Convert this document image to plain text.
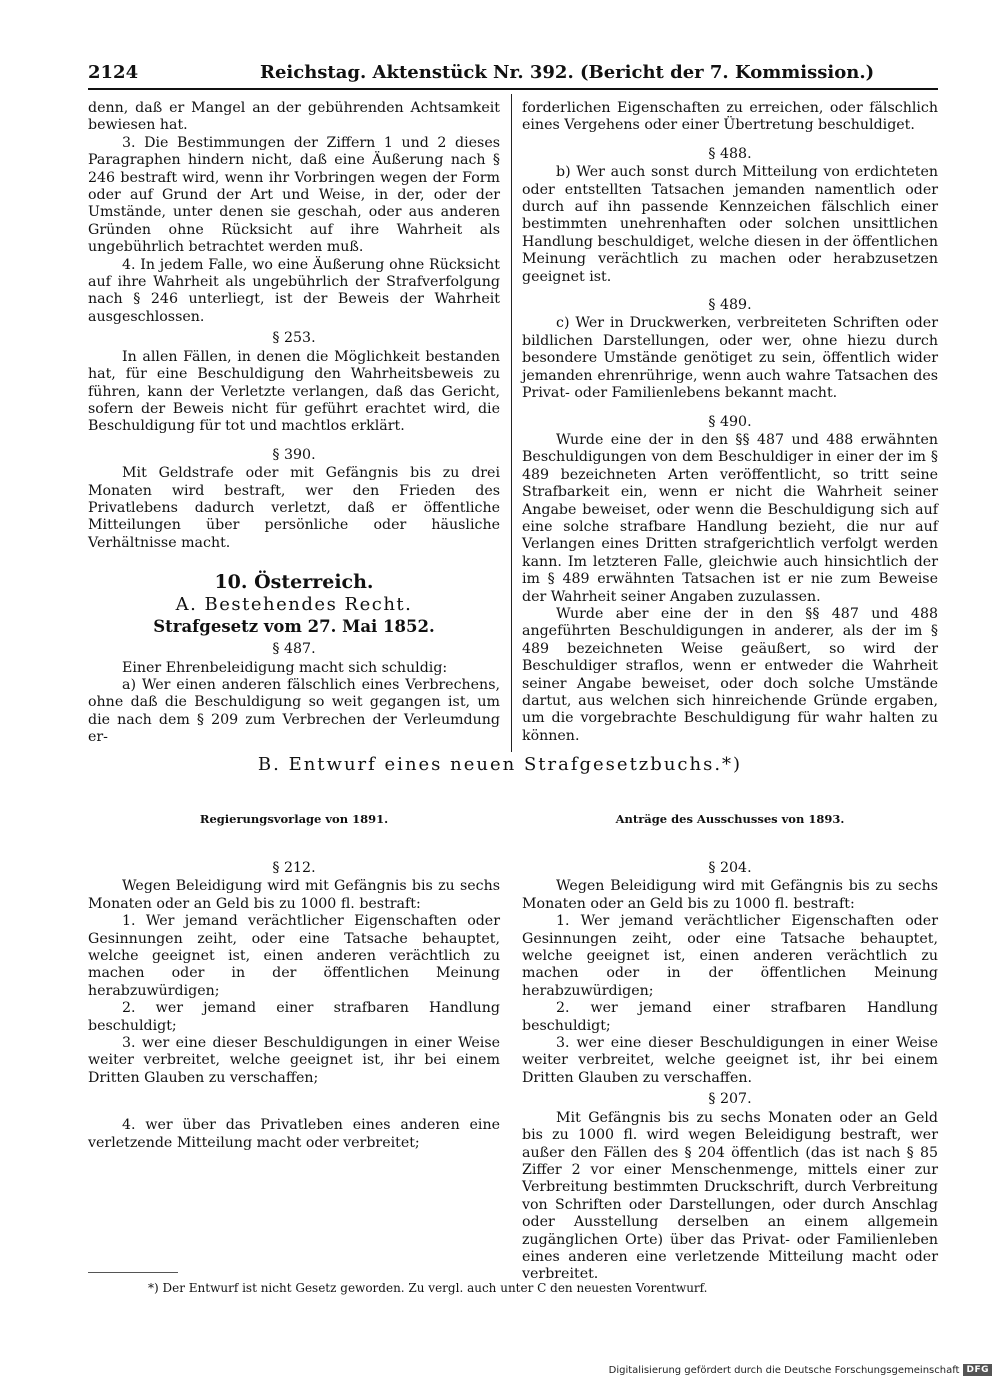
2124	Reichstag. Aktenstück Nr. 392. (Bericht der 7. Kommission.)

denn, daß er Mangel an der gebührenden Achtsamkeit bewiesen hat.

3. Die Bestimmungen der Ziffern 1 und 2 dieses Paragraphen hindern nicht, daß eine Äußerung nach § 246 bestraft wird, wenn ihr Vorbringen wegen der Form oder auf Grund der Art und Weise, in der, oder der Umstände, unter denen sie geschah, oder aus anderen Gründen ohne Rücksicht auf ihre Wahrheit als ungebührlich betrachtet werden muß.

4. In jedem Falle, wo eine Äußerung ohne Rücksicht auf ihre Wahrheit als ungebührlich der Strafverfolgung nach § 246 unterliegt, ist der Beweis der Wahrheit ausgeschlossen.

§ 253.

In allen Fällen, in denen die Möglichkeit bestanden hat, für eine Beschuldigung den Wahrheitsbeweis zu führen, kann der Verletzte verlangen, daß das Gericht, sofern der Beweis nicht für geführt erachtet wird, die Beschuldigung für tot und machtlos erklärt.

§ 390.

Mit Geldstrafe oder mit Gefängnis bis zu drei Monaten wird bestraft, wer den Frieden des Privatlebens dadurch verletzt, daß er öffentliche Mitteilungen über persönliche oder häusliche Verhältnisse macht.

10. Österreich.

A. Bestehendes Recht.

Strafgesetz vom 27. Mai 1852.

§ 487.

Einer Ehrenbeleidigung macht sich schuldig:

a) Wer einen anderen fälschlich eines Verbrechens, ohne daß die Beschuldigung so weit gegangen ist, um die nach dem § 209 zum Verbrechen der Verleumdung er-

forderlichen Eigenschaften zu erreichen, oder fälschlich eines Vergehens oder einer Übertretung beschuldiget.

§ 488.

b) Wer auch sonst durch Mitteilung von erdichteten oder entstellten Tatsachen jemanden namentlich oder durch auf ihn passende Kennzeichen fälschlich einer bestimmten unehrenhaften oder solchen unsittlichen Handlung beschuldiget, welche diesen in der öffentlichen Meinung verächtlich zu machen oder herabzusetzen geeignet ist.

§ 489.

c) Wer in Druckwerken, verbreiteten Schriften oder bildlichen Darstellungen, oder wer, ohne hiezu durch besondere Umstände genötiget zu sein, öffentlich wider jemanden ehrenrührige, wenn auch wahre Tatsachen des Privat- oder Familienlebens bekannt macht.

§ 490.

Wurde eine der in den §§ 487 und 488 erwähnten Beschuldigungen von dem Beschuldiger in einer der im § 489 bezeichneten Arten veröffentlicht, so tritt seine Strafbarkeit ein, wenn er nicht die Wahrheit seiner Angabe beweiset, oder wenn die Beschuldigung sich auf eine solche strafbare Handlung bezieht, die nur auf Verlangen eines Dritten strafgerichtlich verfolgt werden kann. Im letzteren Falle, gleichwie auch hinsichtlich der im § 489 erwähnten Tatsachen ist er nie zum Beweise der Wahrheit seiner Angaben zuzulassen.

Wurde aber eine der in den §§ 487 und 488 angeführten Beschuldigungen in anderer, als der im § 489 bezeichneten Weise geäußert, so wird der Beschuldiger straflos, wenn er entweder die Wahrheit seiner Angabe beweiset, oder doch solche Umstände dartut, aus welchen sich hinreichende Gründe ergaben, um die vorgebrachte Beschuldigung für wahr halten zu können.

B. Entwurf eines neuen Strafgesetzbuchs.*)
Regierungsvorlage von 1891.	Anträge des Ausschusses von 1893.

§ 212.

Wegen Beleidigung wird mit Gefängnis bis zu sechs Monaten oder an Geld bis zu 1000 fl. bestraft:

1. Wer jemand verächtlicher Eigenschaften oder Gesinnungen zeiht, oder eine Tatsache behauptet, welche geeignet ist, einen anderen verächtlich zu machen oder in der öffentlichen Meinung herabzuwürdigen;

2. wer jemand einer strafbaren Handlung beschuldigt;

3. wer eine dieser Beschuldigungen in einer Weise weiter verbreitet, welche geeignet ist, ihr bei einem Dritten Glauben zu verschaffen;

4. wer über das Privatleben eines anderen eine verletzende Mitteilung macht oder verbreitet;

§ 204.

Wegen Beleidigung wird mit Gefängnis bis zu sechs Monaten oder an Geld bis zu 1000 fl. bestraft:

1. Wer jemand verächtlicher Eigenschaften oder Gesinnungen zeiht, oder eine Tatsache behauptet, welche geeignet ist, einen anderen verächtlich zu machen oder in der öffentlichen Meinung herabzuwürdigen;

2. wer jemand einer strafbaren Handlung beschuldigt;

3. wer eine dieser Beschuldigungen in einer Weise weiter verbreitet, welche geeignet ist, ihr bei einem Dritten Glauben zu verschaffen.

§ 207.

Mit Gefängnis bis zu sechs Monaten oder an Geld bis zu 1000 fl. wird wegen Beleidigung bestraft, wer außer den Fällen des § 204 öffentlich (das ist nach § 85 Ziffer 2 vor einer Menschenmenge, mittels einer zur Verbreitung bestimmten Druckschrift, durch Verbreitung von Schriften oder Darstellungen, oder durch Anschlag oder Ausstellung derselben an einem allgemein zugänglichen Orte) über das Privat- oder Familienleben eines anderen eine verletzende Mitteilung macht oder verbreitet.

*) Der Entwurf ist nicht Gesetz geworden. Zu vergl. auch unter C den neuesten Vorentwurf.
Digitalisierung gefördert durch die Deutsche Forschungsgemeinschaft DFG
